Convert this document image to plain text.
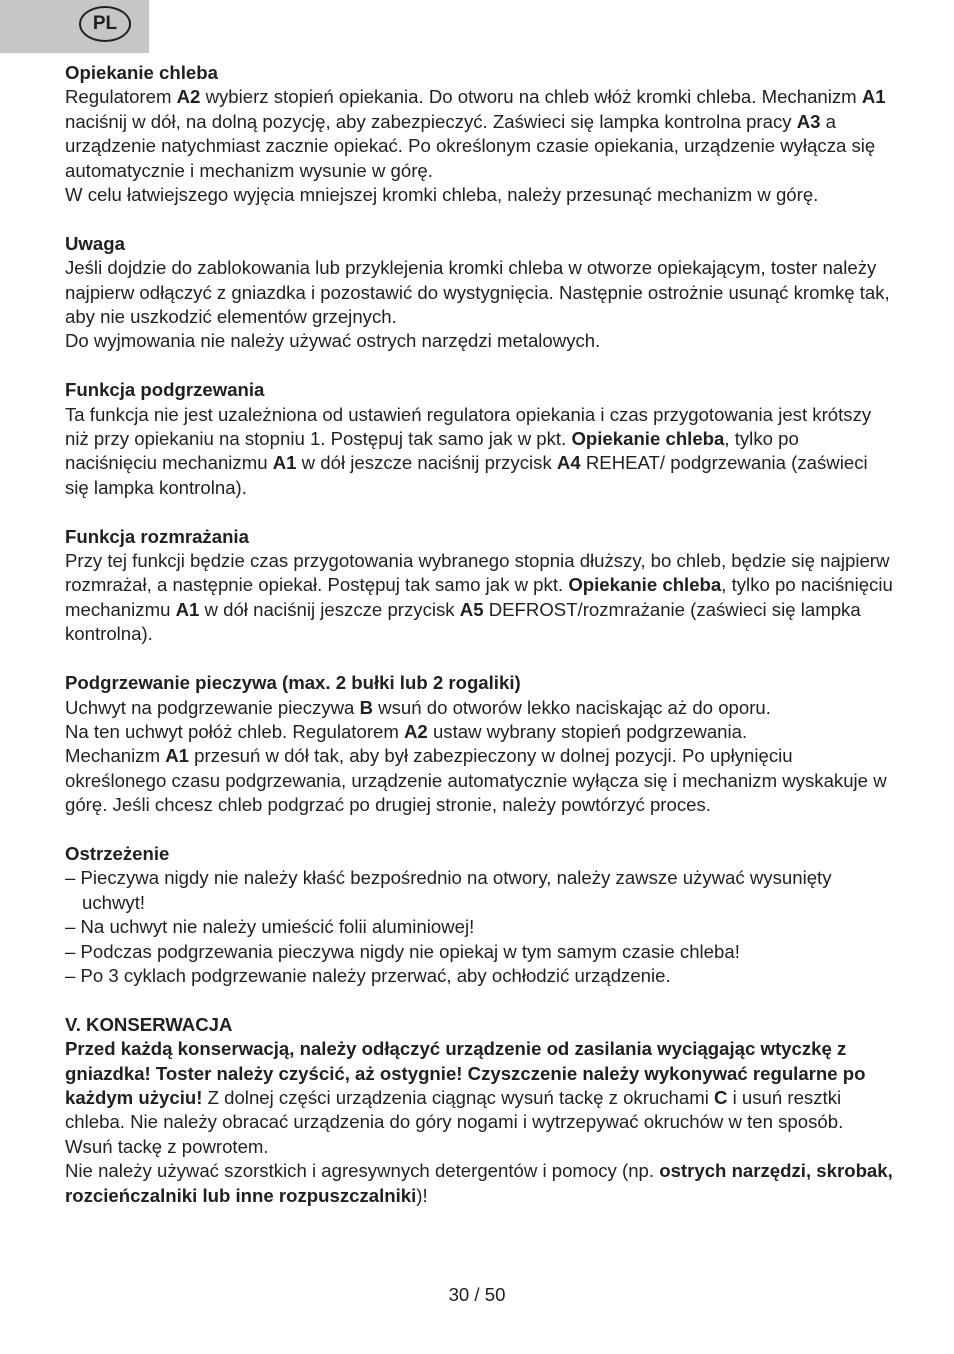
PL
Opiekanie chleba

Regulatorem A2 wybierz stopień opiekania. Do otworu na chleb włóż kromki chleba. Mechanizm A1 naciśnij w dół, na dolną pozycję, aby zabezpieczyć. Zaświeci się lampka kontrolna pracy A3 a urządzenie natychmiast zacznie opiekać. Po określonym czasie opiekania, urządzenie wyłącza się automatycznie i mechanizm wysunie w górę.

W celu łatwiejszego wyjęcia mniejszej kromki chleba, należy przesunąć mechanizm w górę.

Uwaga

Jeśli dojdzie do zablokowania lub przyklejenia kromki chleba w otworze opiekającym, toster należy najpierw odłączyć z gniazdka i pozostawić do wystygnięcia. Następnie ostrożnie usunąć kromkę tak, aby nie uszkodzić elementów grzejnych.

Do wyjmowania nie należy używać ostrych narzędzi metalowych.

Funkcja podgrzewania

Ta funkcja nie jest uzależniona od ustawień regulatora opiekania i czas przygotowania jest krótszy niż przy opiekaniu na stopniu 1. Postępuj tak samo jak w pkt. Opiekanie chleba, tylko po naciśnięciu mechanizmu A1 w dół jeszcze naciśnij przycisk A4 REHEAT/ podgrzewania (zaświeci się lampka kontrolna).

Funkcja rozmrażania

Przy tej funkcji będzie czas przygotowania wybranego stopnia dłuższy, bo chleb, będzie się najpierw rozmrażał, a następnie opiekał. Postępuj tak samo jak w pkt. Opiekanie chleba, tylko po naciśnięciu mechanizmu A1 w dół naciśnij jeszcze przycisk A5 DEFROST/rozmrażanie (zaświeci się lampka kontrolna).

Podgrzewanie pieczywa (max. 2 bułki lub 2 rogaliki)

Uchwyt na podgrzewanie pieczywa B wsuń do otworów lekko naciskając aż do oporu.

Na ten uchwyt połóż chleb. Regulatorem A2 ustaw wybrany stopień podgrzewania.

Mechanizm A1 przesuń w dół tak, aby był zabezpieczony w dolnej pozycji. Po upłynięciu określonego czasu podgrzewania, urządzenie automatycznie wyłącza się i mechanizm wyskakuje w górę. Jeśli chcesz chleb podgrzać po drugiej stronie, należy powtórzyć proces.

Ostrzeżenie
– Pieczywa nigdy nie należy kłaść bezpośrednio na otwory, należy zawsze używać wysunięty uchwyt!
– Na uchwyt nie należy umieścić folii aluminiowej!
– Podczas podgrzewania pieczywa nigdy nie opiekaj w tym samym czasie chleba!
– Po 3 cyklach podgrzewanie należy przerwać, aby ochłodzić urządzenie.
V. KONSERWACJA

Przed każdą konserwacją, należy odłączyć urządzenie od zasilania wyciągając wtyczkę z gniazdka! Toster należy czyścić, aż ostygnie! Czyszczenie należy wykonywać regularne po każdym użyciu! Z dolnej części urządzenia ciągnąc wysuń tackę z okruchami C i usuń resztki chleba. Nie należy obracać urządzenia do góry nogami i wytrzepywać okruchów w ten sposób. Wsuń tackę z powrotem.

Nie należy używać szorstkich i agresywnych detergentów i pomocy (np. ostrych narzędzi, skrobak, rozcieńczalniki lub inne rozpuszczalniki)!

30 / 50
